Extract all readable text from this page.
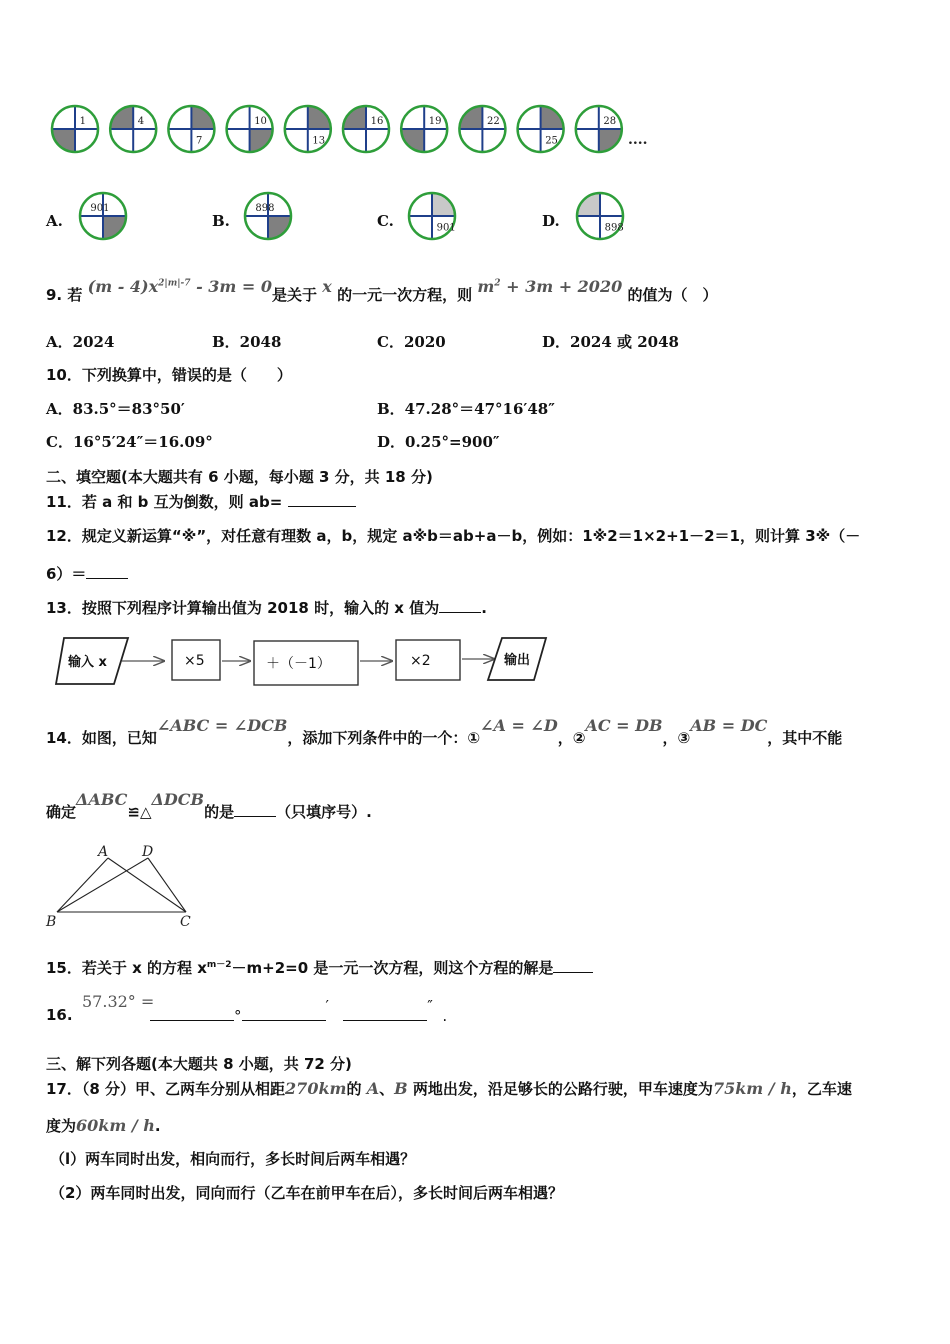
1	4
7
10
13
16	19	22
25
28
....
A.	B.	C.	D.
901	898
901	898
9. 若 $(m - 4)x^{2|m|-7} - 3m = 0$是关于 x 的一元一次方程，则 $m^2 + 3m + 2020$ 的值为（　）
A．2024	B．2048	C．2020	D．2024 或 2048
10．下列换算中，错误的是（　　）
A．83.5°＝83°50′	B．47.28°＝47°16′48″
C．16°5′24″＝16.09°	D．0.25°=900″
二、填空题(本大题共有 6 小题，每小题 3 分，共 18 分)
11．若 a 和 b 互为倒数，则 ab=
12．规定义新运算“※”，对任意有理数 a，b，规定 a※b＝ab+a－b，例如：1※2＝1×2+1－2＝1，则计算 3※（－
6）＝
13．按照下列程序计算输出值为 2018 时，输入的 x 值为	.
输入 x	×5	＋（－1）	×2	输出
14．如图，已知∠ABC = ∠DCB，添加下列条件中的一个：①∠A = ∠D，②AC = DB，③AB = DC，其中不能
确定ΔABC≌△ΔDCB的是	（只填序号）.
A D
B	C
15．若关于 x 的方程 $x^{m-2}-m+2=0$ 是一元一次方程，则这个方程的解是
16.
57.32° =
°′	″  .
三、解下列各题(本大题共 8 小题，共 72 分)
17．（8 分）甲、乙两车分别从相距270km的 A、B 两地出发，沿足够长的公路行驶，甲车速度为75km / h，乙车速
度为60km / h.
（l）两车同时出发，相向而行，多长时间后两车相遇？
（2）两车同时出发，同向而行（乙车在前甲车在后），多长时间后两车相遇？
